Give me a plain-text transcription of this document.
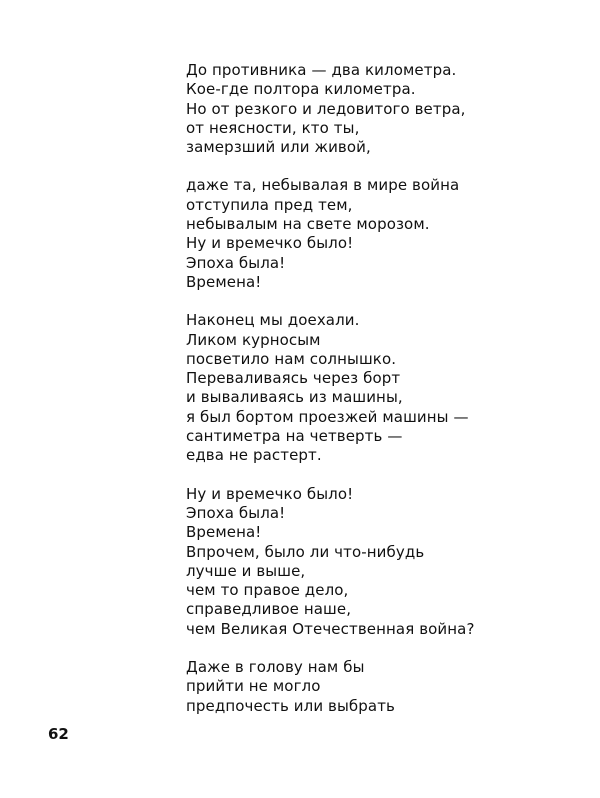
До противника — два километра.
Кое-где полтора километра.
Но от резкого и ледовитого ветра,
от неясности, кто ты,
замерзший или живой,
даже та, небывалая в мире война
отступила пред тем,
небывалым на свете морозом.
Ну и времечко было!
Эпоха была!
Времена!
Наконец мы доехали.
Ликом курносым
посветило нам солнышко.
Переваливаясь через борт
и вываливаясь из машины,
я был бортом проезжей машины —
сантиметра на четверть —
едва не растерт.
Ну и времечко было!
Эпоха была!
Времена!
Впрочем, было ли что-нибудь
лучше и выше,
чем то правое дело,
справедливое наше,
чем Великая Отечественная война?
Даже в голову нам бы
прийти не могло
предпочесть или выбрать
62
